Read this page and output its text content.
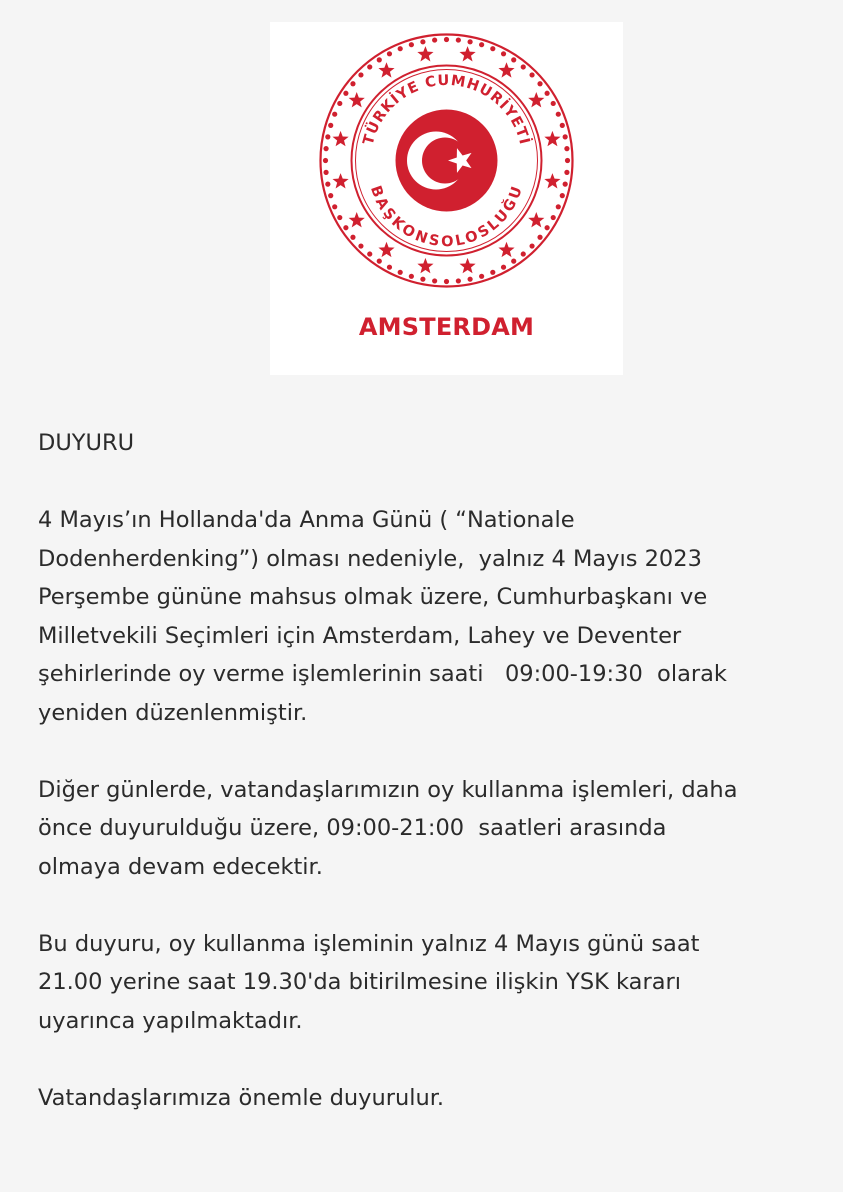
TÜRKİYE CUMHURİYETİ
BAŞKONSOLOSLUĞU
AMSTERDAM

DUYURU

4 Mayıs’ın Hollanda'da Anma Günü ( “Nationale
Dodenherdenking”) olması nedeniyle,  yalnız 4 Mayıs 2023
Perşembe gününe mahsus olmak üzere, Cumhurbaşkanı ve
Milletvekili Seçimleri için Amsterdam, Lahey ve Deventer
şehirlerinde oy verme işlemlerinin saati   09:00-19:30  olarak
yeniden düzenlenmiştir.

Diğer günlerde, vatandaşlarımızın oy kullanma işlemleri, daha
önce duyurulduğu üzere, 09:00-21:00  saatleri arasında
olmaya devam edecektir.

Bu duyuru, oy kullanma işleminin yalnız 4 Mayıs günü saat
21.00 yerine saat 19.30'da bitirilmesine ilişkin YSK kararı
uyarınca yapılmaktadır.

Vatandaşlarımıza önemle duyurulur.
